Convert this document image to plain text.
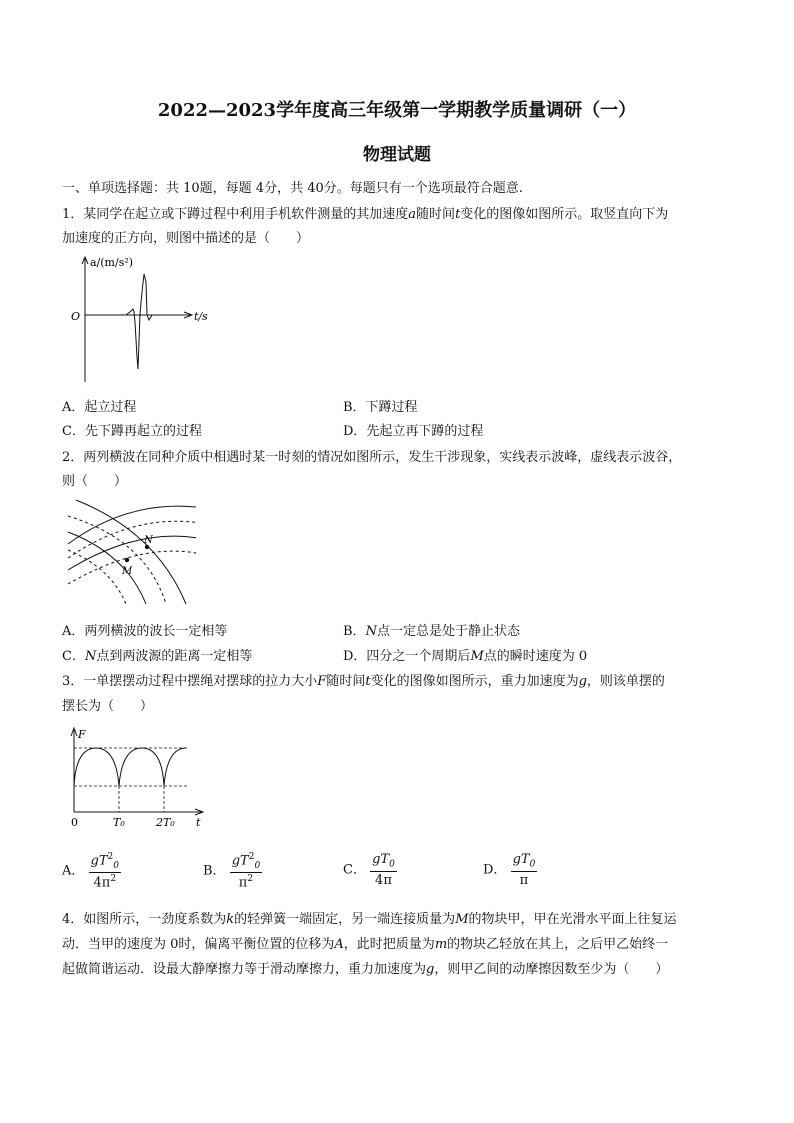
2022—2023学年度高三年级第一学期教学质量调研（一）
物理试题
一、单项选择题：共 10题，每题 4分，共 40分。每题只有一个选项最符合题意.
1．某同学在起立或下蹲过程中利用手机软件测量的其加速度a随时间t变化的图像如图所示。取竖直向下为
加速度的正方向，则图中描述的是（　　）
a/(m/s²)
O	t/s
A．起立过程	B．下蹲过程
C．先下蹲再起立的过程	D．先起立再下蹲的过程
2．两列横波在同种介质中相遇时某一时刻的情况如图所示，发生干涉现象，实线表示波峰，虚线表示波谷，
则（　　）
N
M
A．两列横波的波长一定相等	B．N点一定总是处于静止状态
C．N点到两波源的距离一定相等	D．四分之一个周期后M点的瞬时速度为 0
3．一单摆摆动过程中摆绳对摆球的拉力大小F随时间t变化的图像如图所示，重力加速度为g，则该单摆的
摆长为（　　）
F
0	T₀	2T₀ t
A． $\frac{gT^2_0}{4\pi^2}$	B． $\frac{gT^2_0}{\pi^2}$	C． $\frac{gT_0}{4\pi}$	D． $\frac{gT_0}{\pi}$
4．如图所示，一劲度系数为k的轻弹簧一端固定，另一端连接质量为M的物块甲，甲在光滑水平面上往复运
动．当甲的速度为 0时，偏离平衡位置的位移为A，此时把质量为m的物块乙轻放在其上，之后甲乙始终一
起做简谐运动．设最大静摩擦力等于滑动摩擦力，重力加速度为g，则甲乙间的动摩擦因数至少为（　　）
